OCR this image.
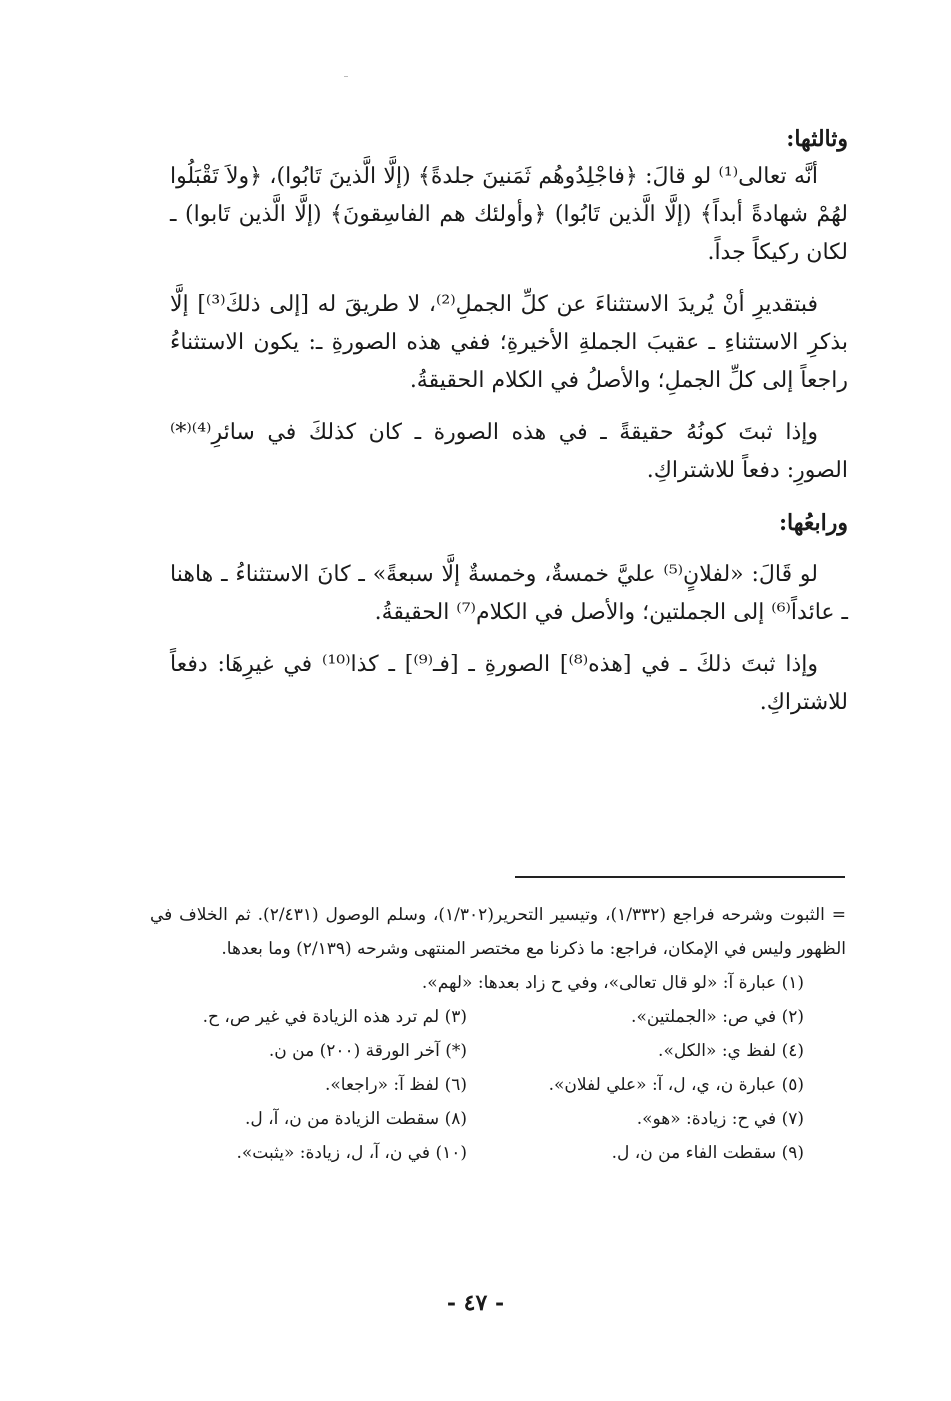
وثالثها:

أنَّه تعالى⁽¹⁾ لو قالَ: ﴿فاجْلِدُوهُم ثَمَنينَ جلدةً﴾ (إلَّا الَّذينَ تَابُوا)، ﴿ولاَ تَقْبَلُوا لهُمْ شهادةً أبداً﴾ (إلَّا الَّذين تَابُوا) ﴿وأولئك هم الفاسِقونَ﴾ (إلَّا الَّذين تَابوا) ـ لكان ركيكاً جداً.

فبتقديرِ أنْ يُريدَ الاستثناءَ عن كلِّ الجملِ⁽²⁾، لا طريقَ له [إلى ذلكَ⁽³⁾] إلَّا بذكرِ الاستثناءِ ـ عقيبَ الجملةِ الأخيرةِ؛ ففي هذه الصورةِ ـ: يكون الاستثناءُ راجعاً إلى كلِّ الجملِ؛ والأصلُ في الكلام الحقيقةُ.

وإذا ثبتَ كونُهُ حقيقةً ـ في هذه الصورة ـ كان كذلكَ في سائرِ⁽⁴⁾⁽*⁾ الصورِ: دفعاً للاشتراكِ.

ورابعُها:

لو قَالَ: «لفلانٍ⁽⁵⁾ عليَّ خمسةٌ، وخمسةٌ إلَّا سبعةً» ـ كانَ الاستثناءُ ـ هاهنا ـ عائداً⁽⁶⁾ إلى الجملتين؛ والأصل في الكلام⁽⁷⁾ الحقيقةُ.

وإذا ثبتَ ذلكَ ـ في [هذه⁽⁸⁾] الصورةِ ـ [فـ⁽⁹⁾] ـ كذا⁽¹⁰⁾ في غيرِهَا: دفعاً للاشتراكِ.

= الثبوت وشرحه فراجع (١/٣٣٢)، وتيسير التحرير(١/٣٠٢)، وسلم الوصول (٢/٤٣١). ثم الخلاف في الظهور وليس في الإمكان، فراجع: ما ذكرنا مع مختصر المنتهى وشرحه (٢/١٣٩) وما بعدها.

(١) عبارة آ: «لو قال تعالى»، وفي ح زاد بعدها: «لهم».

(٢) في ص: «الجملتين».
(٣) لم ترد هذه الزيادة في غير ص، ح.
(٤) لفظ ي: «الكل».
(*) آخر الورقة (٢٠٠) من ن.
(٥) عبارة ن، ي، ل، آ: «علي لفلان».
(٦) لفظ آ: «راجعا».
(٧) في ح: زيادة: «هو».
(٨) سقطت الزيادة من ن، آ، ل.
(٩) سقطت الفاء من ن، ل.
(١٠) في ن، آ، ل، زيادة: «يثبت».
- ٤٧ -
